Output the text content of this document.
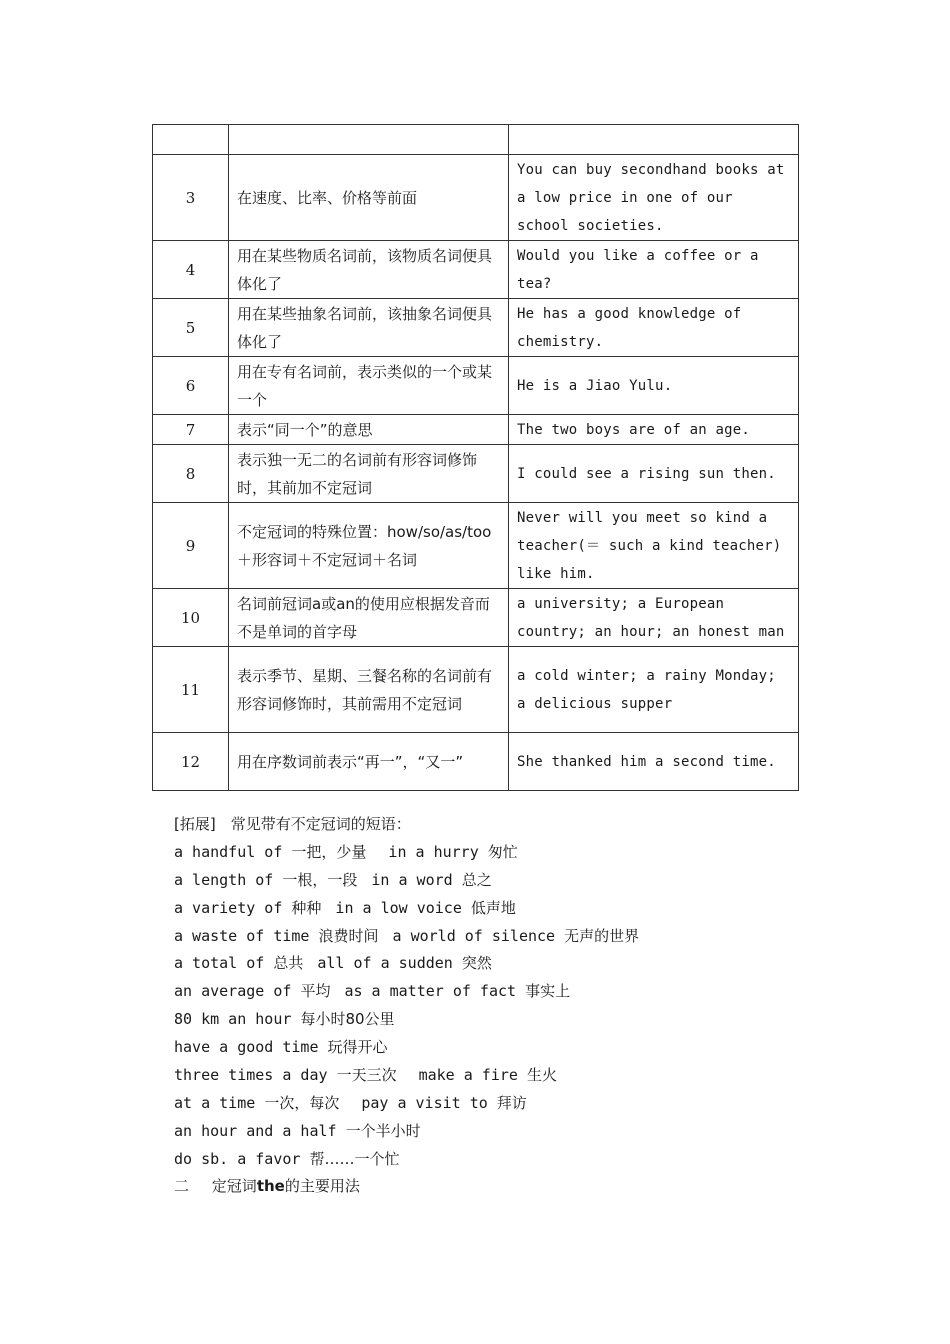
3	在速度、比率、价格等前面	You can buy secondhand books at a low price in one of our school societies.
4	用在某些物质名词前，该物质名词便具体化了	Would you like a coffee or a tea?
5	用在某些抽象名词前，该抽象名词便具体化了	He has a good knowledge of chemistry.
6	用在专有名词前，表示类似的一个或某一个	He is a Jiao Yulu.
7	表示“同一个”的意思	The two boys are of an age.
8	表示独一无二的名词前有形容词修饰时，其前加不定冠词	I could see a rising sun then.
9	不定冠词的特殊位置：how/so/as/too＋形容词＋不定冠词＋名词	Never will you meet so kind a teacher(＝ such a kind teacher) like him.
10	名词前冠词a或an的使用应根据发音而不是单词的首字母	a university; a European country; an hour; an honest man
11	表示季节、星期、三餐名称的名词前有形容词修饰时，其前需用不定冠词	a cold winter; a rainy Monday; a delicious supper
12	用在序数词前表示“再一”，“又一”	She thanked him a second time.
[拓展]　常见带有不定冠词的短语：
a handful of 一把，少量 in a hurry 匆忙
a length of 一根，一段 in a word 总之
a variety of 种种 in a low voice 低声地
a waste of time 浪费时间 a world of silence 无声的世界
a total of 总共 all of a sudden 突然
an average of 平均 as a matter of fact 事实上
80 km an hour 每小时80公里
have a good time 玩得开心
three times a day 一天三次 make a fire 生火
at a time 一次，每次 pay a visit to 拜访
an hour and a half 一个半小时
do sb. a favor 帮……一个忙
二 定冠词the的主要用法
